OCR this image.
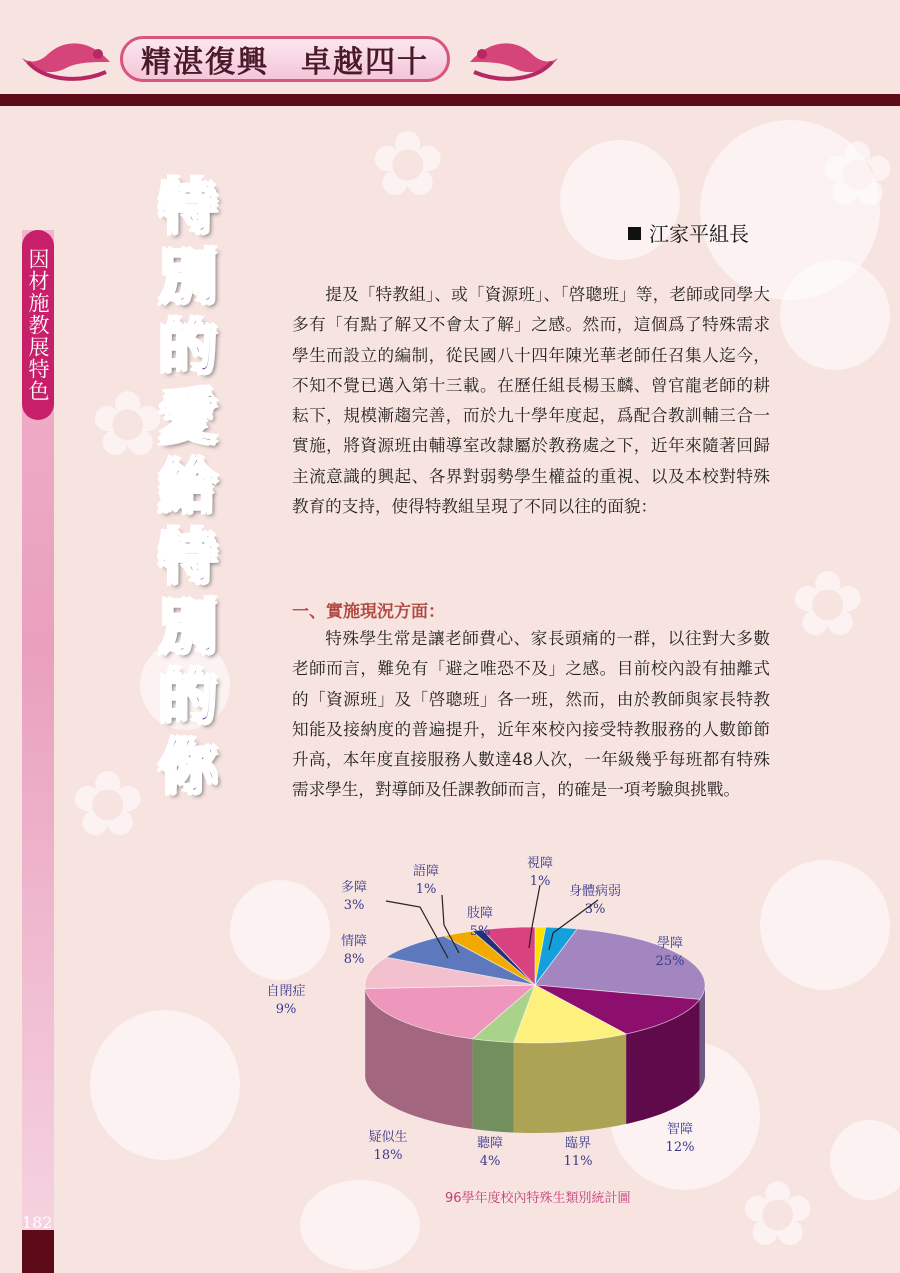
✿
✿
✿
✿
✿
✿
精湛復興　卓越四十
因材施教展特色
182
特
別
的
愛
給
特
別
的
你
江家平組長
提及「特教組」、或「資源班」、「啓聰班」等，老師或同學大多有「有點了解又不會太了解」之感。然而，這個爲了特殊需求學生而設立的編制，從民國八十四年陳光華老師任召集人迄今，不知不覺已邁入第十三載。在歷任組長楊玉麟、曾官龍老師的耕耘下，規模漸趨完善，而於九十學年度起，爲配合教訓輔三合一實施，將資源班由輔導室改隸屬於教務處之下，近年來隨著回歸主流意識的興起、各界對弱勢學生權益的重視、以及本校對特殊教育的支持，使得特教組呈現了不同以往的面貌：
一、實施現況方面：
特殊學生常是讓老師費心、家長頭痛的一群，以往對大多數老師而言，難免有「避之唯恐不及」之感。目前校內設有抽離式的「資源班」及「啓聰班」各一班，然而，由於教師與家長特教知能及接納度的普遍提升，近年來校內接受特教服務的人數節節升高，本年度直接服務人數達48人次，一年級幾乎每班都有特殊需求學生，對導師及任課教師而言，的確是一項考驗與挑戰。
視障
1%
身體病弱
3%
學障
25%
智障
12%
臨界
11%
聽障
4%
疑似生
18%
自閉症
9%
情障
8%
多障
3%
語障
1%
肢障
5%
96學年度校內特殊生類別統計圖
